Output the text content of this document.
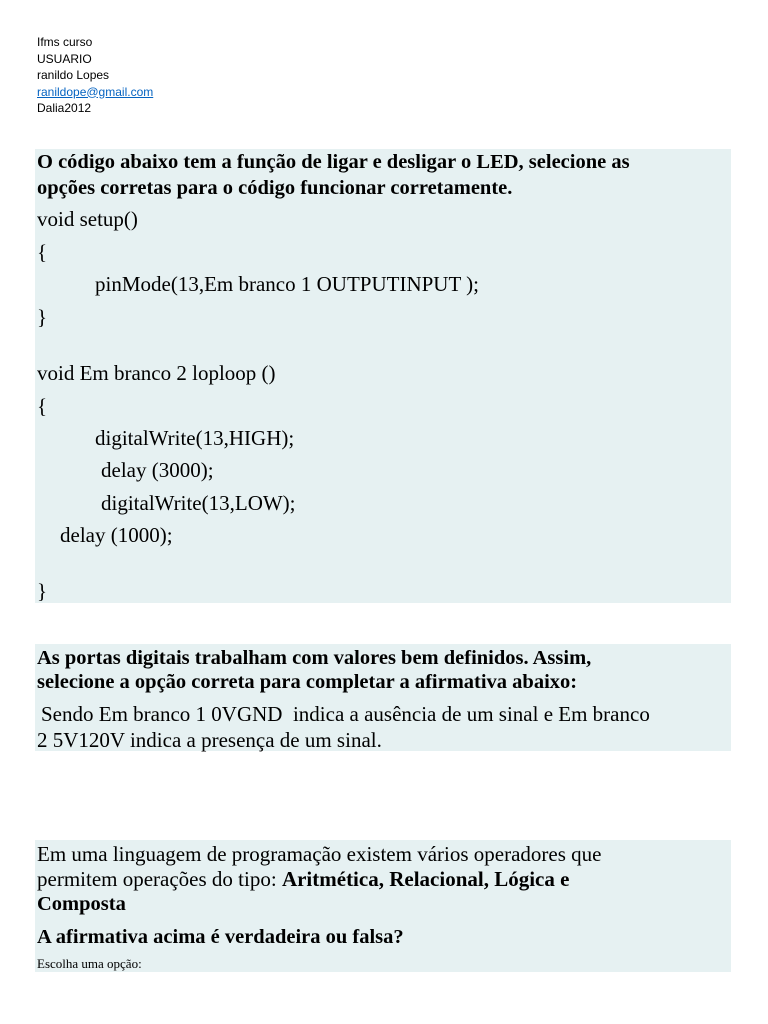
Ifms curso
USUARIO
ranildo Lopes
ranildope@gmail.com
Dalia2012
O código abaixo tem a função de ligar e desligar o LED, selecione as
opções corretas para o código funcionar corretamente.
void setup()
{
pinMode(13,Em branco 1 OUTPUTINPUT );
}
void Em branco 2 loploop ()
{
digitalWrite(13,HIGH);
delay (3000);
digitalWrite(13,LOW);
delay (1000);
}
As portas digitais trabalham com valores bem definidos. Assim,
selecione a opção correta para completar a afirmativa abaixo:
Sendo Em branco 1 0VGND  indica a ausência de um sinal e Em branco
2 5V120V indica a presença de um sinal.
Em uma linguagem de programação existem vários operadores que
permitem operações do tipo: Aritmética, Relacional, Lógica e
Composta
A afirmativa acima é verdadeira ou falsa?
Escolha uma opção:
